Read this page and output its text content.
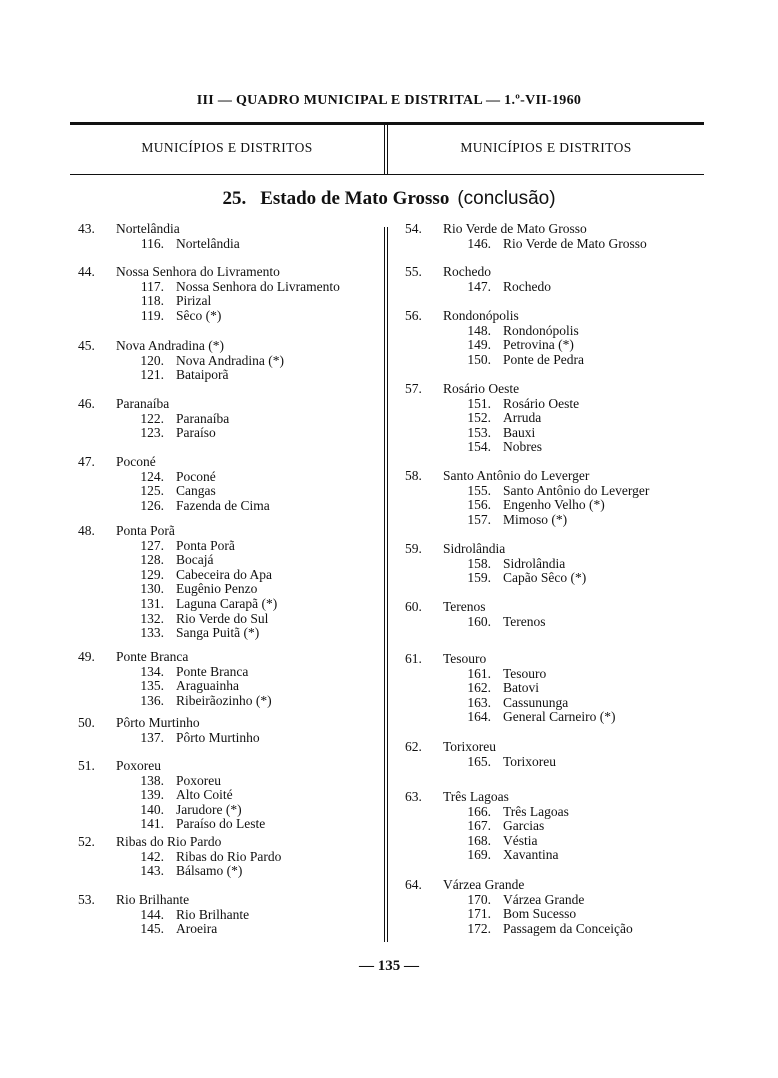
III — QUADRO MUNICIPAL E DISTRITAL — 1.º-VII-1960
MUNICÍPIOS E DISTRITOS	MUNICÍPIOS E DISTRITOS
25. Estado de Mato Grosso (conclusão)
43.	Nortelândia
116. Nortelândia
44.	Nossa Senhora do Livramento
117. Nossa Senhora do Livramento
118. Pirizal
119. Sêco (*)
45.	Nova Andradina (*)
120. Nova Andradina (*)
121. Bataiporã
46.	Paranaíba
122. Paranaíba
123. Paraíso
47.	Poconé
124. Poconé
125. Cangas
126. Fazenda de Cima
48.	Ponta Porã
127. Ponta Porã
128. Bocajá
129. Cabeceira do Apa
130. Eugênio Penzo
131. Laguna Carapã (*)
132. Rio Verde do Sul
133. Sanga Puitã (*)
49.	Ponte Branca
134. Ponte Branca
135. Araguainha
136. Ribeirãozinho (*)
50.	Pôrto Murtinho
137. Pôrto Murtinho
51.	Poxoreu
138. Poxoreu
139. Alto Coité
140. Jarudore (*)
141. Paraíso do Leste
52.	Ribas do Rio Pardo
142. Ribas do Rio Pardo
143. Bálsamo (*)
53.	Rio Brilhante
144. Rio Brilhante
145. Aroeira
54.	Rio Verde de Mato Grosso
146. Rio Verde de Mato Grosso
55.	Rochedo
147. Rochedo
56.	Rondonópolis
148. Rondonópolis
149. Petrovina (*)
150. Ponte de Pedra
57.	Rosário Oeste
151. Rosário Oeste
152. Arruda
153. Bauxi
154. Nobres
58.	Santo Antônio do Leverger
155. Santo Antônio do Leverger
156. Engenho Velho (*)
157. Mimoso (*)
59.	Sidrolândia
158. Sidrolândia
159. Capão Sêco (*)
60.	Terenos
160. Terenos
61.	Tesouro
161. Tesouro
162. Batovi
163. Cassununga
164. General Carneiro (*)
62.	Torixoreu
165. Torixoreu
63.	Três Lagoas
166. Três Lagoas
167. Garcias
168. Véstia
169. Xavantina
64.	Várzea Grande
170. Várzea Grande
171. Bom Sucesso
172. Passagem da Conceição
— 135 —
